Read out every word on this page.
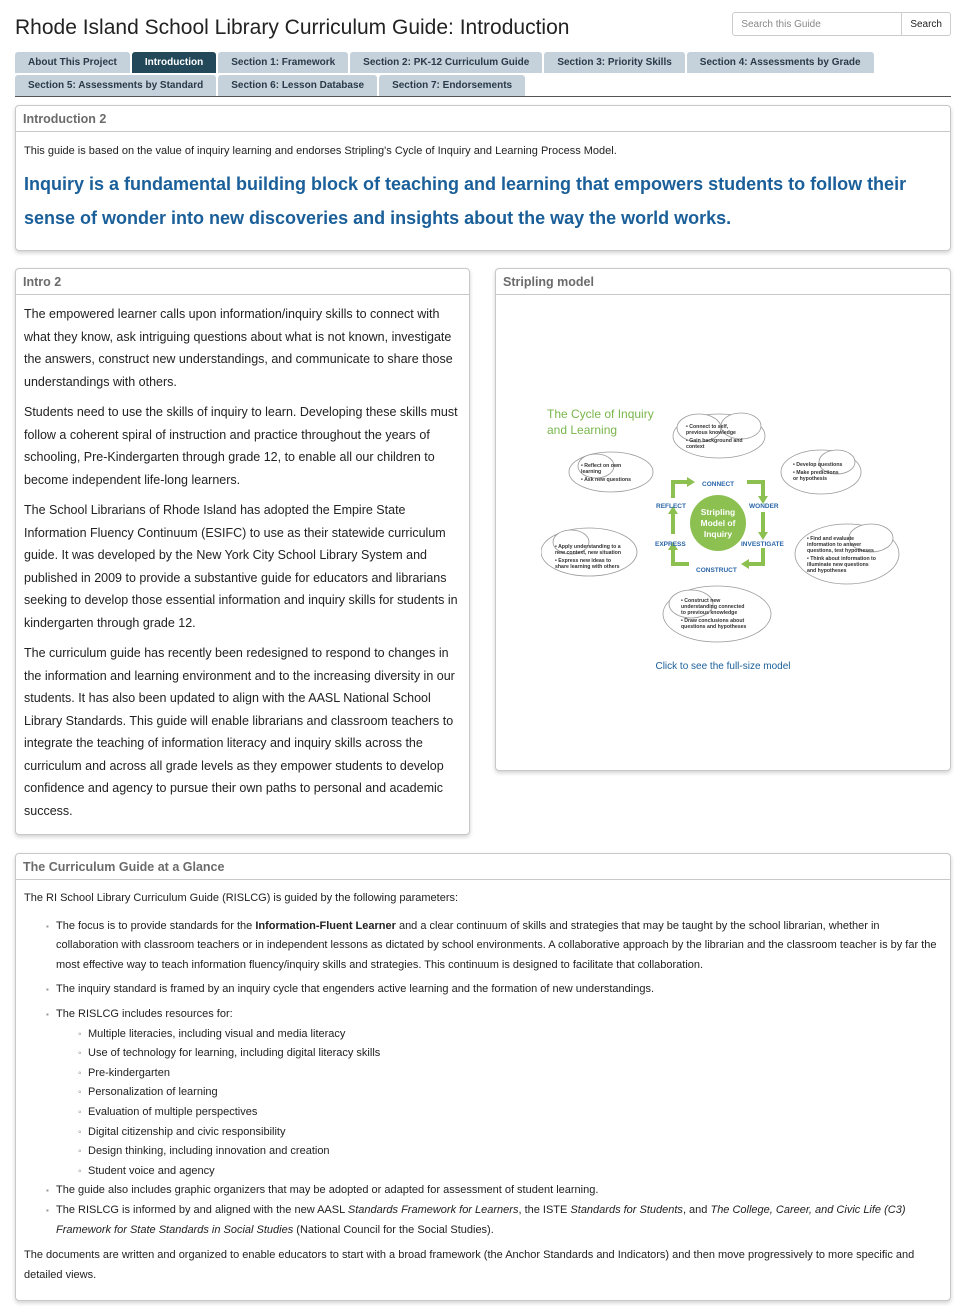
Rhode Island School Library Curriculum Guide: Introduction
Search this Guide	Search
About This Project	Introduction	Section 1: Framework	Section 2: PK-12 Curriculum Guide	Section 3: Priority Skills	Section 4: Assessments by Grade
Section 5: Assessments by Standard	Section 6: Lesson Database	Section 7: Endorsements
Introduction 2

This guide is based on the value of inquiry learning and endorses Stripling's Cycle of Inquiry and Learning Process Model.

Inquiry is a fundamental building block of teaching and learning that empowers students to follow their sense of wonder into new discoveries and insights about the way the world works.

Intro 2

The empowered learner calls upon information/inquiry skills to connect with what they know, ask intriguing questions about what is not known, investigate the answers, construct new understandings, and communicate to share those understandings with others.

Students need to use the skills of inquiry to learn. Developing these skills must follow a coherent spiral of instruction and practice throughout the years of schooling, Pre-Kindergarten through grade 12, to enable all our children to become independent life-long learners.

The School Librarians of Rhode Island has adopted the Empire State Information Fluency Continuum (ESIFC) to use as their statewide curriculum guide. It was developed by the New York City School Library System and published in 2009 to provide a substantive guide for educators and librarians seeking to develop those essential information and inquiry skills for students in kindergarten through grade 12.

The curriculum guide has recently been redesigned to respond to changes in the information and learning environment and to the increasing diversity in our students. It has also been updated to align with the AASL National School Library Standards. This guide will enable librarians and classroom teachers to integrate the teaching of information literacy and inquiry skills across the curriculum and across all grade levels as they empower students to develop confidence and agency to pursue their own paths to personal and academic success.

Stripling model
The Cycle of Inquiry
and Learning	• Connect to self,
previous knowledge
• Gain background and
context
• Reflect on own
learning
• Ask new questions
• Develop questions
• Make predictions
or hypothesis
• Apply understanding to a
new context, new situation
• Express new ideas to
share learning with others
• Find and evaluate
information to answer
questions, test hypotheses
• Think about information to
illuminate new questions
and hypotheses
• Construct new
understanding connected
to previous knowledge
• Draw conclusions about
questions and hypotheses
Stripling
Model of
Inquiry
CONNECT
WONDER
INVESTIGATE
CONSTRUCT
EXPRESS
REFLECT
Click to see the full-size model
The Curriculum Guide at a Glance

The RI School Library Curriculum Guide (RISLCG) is guided by the following parameters:

▪ The focus is to provide standards for the Information-Fluent Learner and a clear continuum of skills and strategies that may be taught by the school librarian, whether in collaboration with classroom teachers or in independent lessons as dictated by school environments. A collaborative approach by the librarian and the classroom teacher is by far the most effective way to teach information fluency/inquiry skills and strategies. This continuum is designed to facilitate that collaboration.
▪ The inquiry standard is framed by an inquiry cycle that engenders active learning and the formation of new understandings.
▪ The RISLCG includes resources for:
◦ Multiple literacies, including visual and media literacy
◦ Use of technology for learning, including digital literacy skills
◦ Pre-kindergarten
◦ Personalization of learning
◦ Evaluation of multiple perspectives
◦ Digital citizenship and civic responsibility
◦ Design thinking, including innovation and creation
◦ Student voice and agency
▪ The guide also includes graphic organizers that may be adopted or adapted for assessment of student learning.
▪ The RISLCG is informed by and aligned with the new AASL Standards Framework for Learners, the ISTE Standards for Students, and The College, Career, and Civic Life (C3) Framework for State Standards in Social Studies (National Council for the Social Studies).

The documents are written and organized to enable educators to start with a broad framework (the Anchor Standards and Indicators) and then move progressively to more specific and detailed views.
